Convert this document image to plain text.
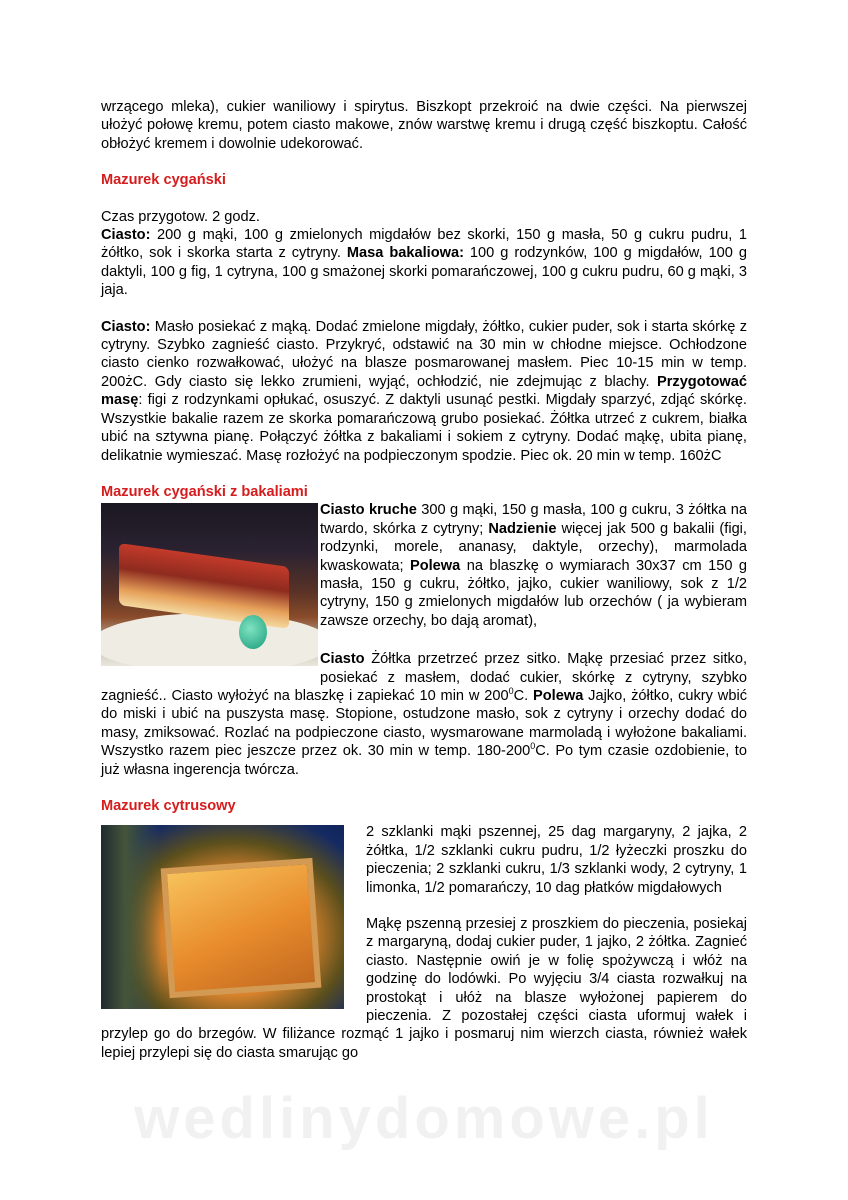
wrzącego mleka), cukier waniliowy i spirytus. Biszkopt przekroić na dwie części. Na pierwszej ułożyć połowę kremu, potem ciasto makowe, znów warstwę kremu i drugą część biszkoptu. Całość obłożyć kremem i dowolnie udekorować.

Mazurek cygański

Czas przygotow. 2 godz.

Ciasto: 200 g mąki, 100 g zmielonych migdałów bez skorki, 150 g masła, 50 g cukru pudru, 1 żółtko, sok i skorka starta z cytryny. Masa bakaliowa: 100 g rodzynków, 100 g migdałów, 100 g daktyli, 100 g fig, 1 cytryna, 100 g smażonej skorki pomarańczowej, 100 g cukru pudru, 60 g mąki, 3 jaja.

Ciasto: Masło posiekać z mąką. Dodać zmielone migdały, żółtko, cukier puder, sok i starta skórkę z cytryny. Szybko zagnieść ciasto. Przykryć, odstawić na 30 min w chłodne miejsce. Ochłodzone ciasto cienko rozwałkować, ułożyć na blasze posmarowanej masłem. Piec 10-15 min w temp. 200żC. Gdy ciasto się lekko zrumieni, wyjąć, ochłodzić, nie zdejmując z blachy. Przygotować masę: figi z rodzynkami opłukać, osuszyć. Z daktyli usunąć pestki. Migdały sparzyć, zdjąć skórkę. Wszystkie bakalie razem ze skorka pomarańczową grubo posiekać. Żółtka utrzeć z cukrem, białka ubić na sztywna pianę. Połączyć żółtka z bakaliami i sokiem z cytryny. Dodać mąkę, ubita pianę, delikatnie wymieszać. Masę rozłożyć na podpieczonym spodzie. Piec ok. 20 min w temp. 160żC

Mazurek cygański z bakaliami

Ciasto kruche 300 g mąki, 150 g masła, 100 g cukru, 3 żółtka na twardo, skórka z cytryny; Nadzienie więcej jak 500 g bakalii (figi, rodzynki, morele, ananasy, daktyle, orzechy), marmolada kwaskowata; Polewa na blaszkę o wymiarach 30x37 cm 150 g masła, 150 g cukru, żółtko, jajko, cukier waniliowy, sok z 1/2 cytryny, 150 g zmielonych migdałów lub orzechów ( ja wybieram zawsze orzechy, bo dają aromat),

Ciasto Żółtka przetrzeć przez sitko. Mąkę przesiać przez sitko, posiekać z masłem, dodać cukier, skórkę z cytryny, szybko zagnieść.. Ciasto wyłożyć na blaszkę i zapiekać 10 min w $200^0C$. Polewa Jajko, żółtko, cukry wbić do miski i ubić na puszysta masę. Stopione, ostudzone masło, sok z cytryny i orzechy dodać do masy, zmiksować. Rozlać na podpieczone ciasto, wysmarowane marmoladą i wyłożone bakaliami. Wszystko razem piec jeszcze przez ok. 30 min w temp. $180-200^0C$. Po tym czasie ozdobienie, to już własna ingerencja twórcza.

Mazurek cytrusowy

2 szklanki mąki pszennej, 25 dag margaryny, 2 jajka, 2 żółtka, 1/2 szklanki cukru pudru, 1/2 łyżeczki proszku do pieczenia; 2 szklanki cukru, 1/3 szklanki wody, 2 cytryny, 1 limonka, 1/2 pomarańczy, 10 dag płatków migdałowych

Mąkę pszenną przesiej z proszkiem do pieczenia, posiekaj z margaryną, dodaj cukier puder, 1 jajko, 2 żółtka. Zagnieć ciasto. Następnie owiń je w folię spożywczą i włóż na godzinę do lodówki. Po wyjęciu 3/4 ciasta rozwałkuj na prostokąt i ułóż na blasze wyłożonej papierem do pieczenia. Z pozostałej części ciasta uformuj wałek i przylep go do brzegów. W filiżance rozmąć 1 jajko i posmaruj nim wierzch ciasta, również wałek lepiej przylepi się do ciasta smarując go

wedlinydomowe.pl
